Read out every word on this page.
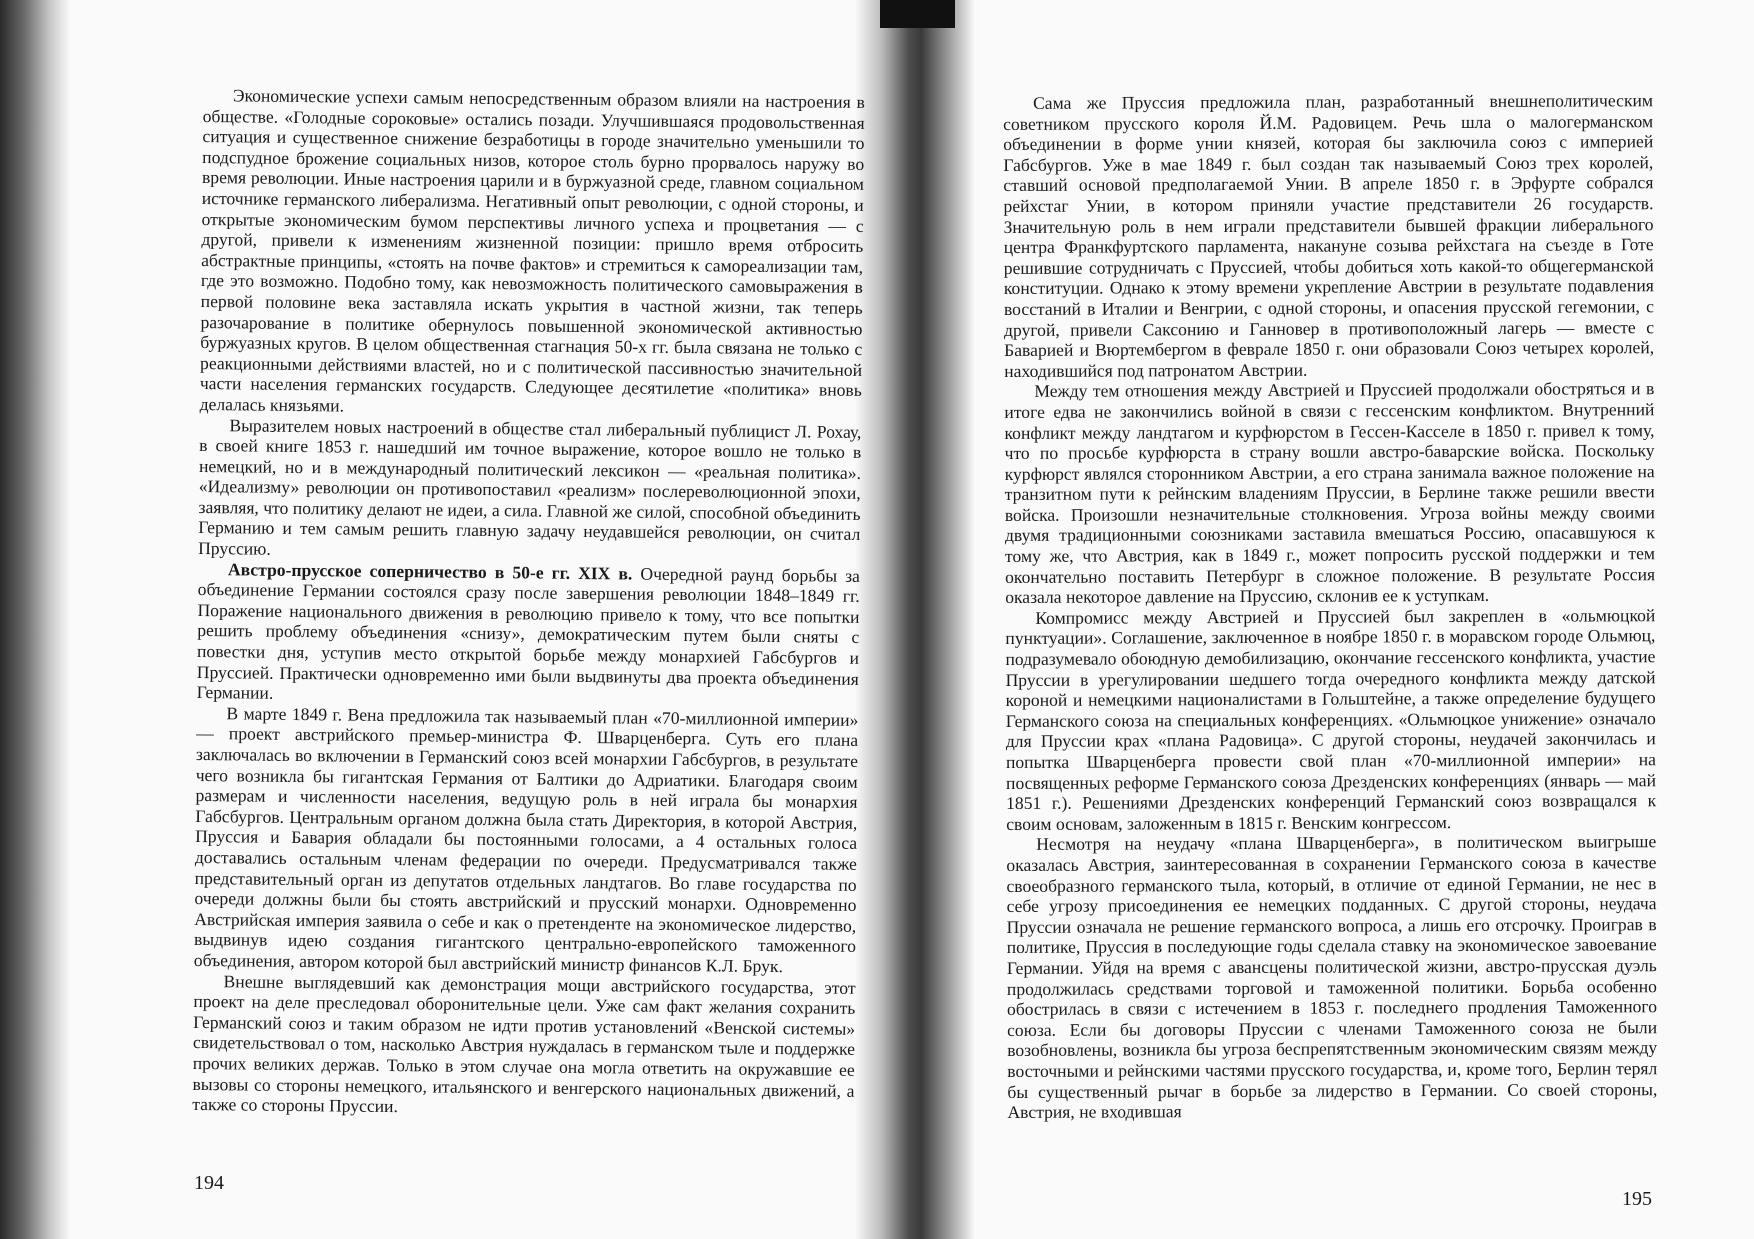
Экономические успехи самым непосредственным образом влияли на настроения в обществе. «Голодные сороковые» остались позади. Улучшившаяся продовольственная ситуация и существенное снижение безработицы в городе значительно уменьшили то подспудное брожение социальных низов, которое столь бурно прорвалось наружу во время революции. Иные настроения царили и в буржуазной среде, главном социальном источнике германского либерализма. Негативный опыт революции, с одной стороны, и открытые экономическим бумом перспективы личного успеха и процветания — с другой, привели к изменениям жизненной позиции: пришло время отбросить абстрактные принципы, «стоять на почве фактов» и стремиться к самореализации там, где это возможно. Подобно тому, как невозможность политического самовыражения в первой половине века заставляла искать укрытия в частной жизни, так теперь разочарование в политике обернулось повышенной экономической активностью буржуазных кругов. В целом общественная стагнация 50-х гг. была связана не только с реакционными действиями властей, но и с политической пассивностью значительной части населения германских государств. Следующее десятилетие «политика» вновь делалась князьями.

Выразителем новых настроений в обществе стал либеральный публицист Л. Рохау, в своей книге 1853 г. нашедший им точное выражение, которое вошло не только в немецкий, но и в международный политический лексикон — «реальная политика». «Идеализму» революции он противопоставил «реализм» послереволюционной эпохи, заявляя, что политику делают не идеи, а сила. Главной же силой, способной объединить Германию и тем самым решить главную задачу неудавшейся революции, он считал Пруссию.

Австро-прусское соперничество в 50-е гг. XIX в. Очередной раунд борьбы за объединение Германии состоялся сразу после завершения революции 1848–1849 гг. Поражение национального движения в революцию привело к тому, что все попытки решить проблему объединения «снизу», демократическим путем были сняты с повестки дня, уступив место открытой борьбе между монархией Габсбургов и Пруссией. Практически одновременно ими были выдвинуты два проекта объединения Германии.

В марте 1849 г. Вена предложила так называемый план «70-миллионной империи» — проект австрийского премьер-министра Ф. Шварценберга. Суть его плана заключалась во включении в Германский союз всей монархии Габсбургов, в результате чего возникла бы гигантская Германия от Балтики до Адриатики. Благодаря своим размерам и численности населения, ведущую роль в ней играла бы монархия Габсбургов. Центральным органом должна была стать Директория, в которой Австрия, Пруссия и Бавария обладали бы постоянными голосами, а 4 остальных голоса доставались остальным членам федерации по очереди. Предусматривался также представительный орган из депутатов отдельных ландтагов. Во главе государства по очереди должны были бы стоять австрийский и прусский монархи. Одновременно Австрийская империя заявила о себе и как о претенденте на экономическое лидерство, выдвинув идею создания гигантского центрально-европейского таможенного объединения, автором которой был австрийский министр финансов К.Л. Брук.

Внешне выглядевший как демонстрация мощи австрийского государства, этот проект на деле преследовал оборонительные цели. Уже сам факт желания сохранить Германский союз и таким образом не идти против установлений «Венской системы» свидетельствовал о том, насколько Австрия нуждалась в германском тыле и поддержке прочих великих держав. Только в этом случае она могла ответить на окружавшие ее вызовы со стороны немецкого, итальянского и венгерского национальных движений, а также со стороны Пруссии.

194

Сама же Пруссия предложила план, разработанный внешнеполитическим советником прусского короля Й.М. Радовицем. Речь шла о малогерманском объединении в форме унии князей, которая бы заключила союз с империей Габсбургов. Уже в мае 1849 г. был создан так называемый Союз трех королей, ставший основой предполагаемой Унии. В апреле 1850 г. в Эрфурте собрался рейхстаг Унии, в котором приняли участие представители 26 государств. Значительную роль в нем играли представители бывшей фракции либерального центра Франкфуртского парламента, накануне созыва рейхстага на съезде в Готе решившие сотрудничать с Пруссией, чтобы добиться хоть какой-то общегерманской конституции. Однако к этому времени укрепление Австрии в результате подавления восстаний в Италии и Венгрии, с одной стороны, и опасения прусской гегемонии, с другой, привели Саксонию и Ганновер в противоположный лагерь — вместе с Баварией и Вюртембергом в феврале 1850 г. они образовали Союз четырех королей, находившийся под патронатом Австрии.

Между тем отношения между Австрией и Пруссией продолжали обостряться и в итоге едва не закончились войной в связи с гессенским конфликтом. Внутренний конфликт между ландтагом и курфюрстом в Гессен-Касселе в 1850 г. привел к тому, что по просьбе курфюрста в страну вошли австро-баварские войска. Поскольку курфюрст являлся сторонником Австрии, а его страна занимала важное положение на транзитном пути к рейнским владениям Пруссии, в Берлине также решили ввести войска. Произошли незначительные столкновения. Угроза войны между своими двумя традиционными союзниками заставила вмешаться Россию, опасавшуюся к тому же, что Австрия, как в 1849 г., может попросить русской поддержки и тем окончательно поставить Петербург в сложное положение. В результате Россия оказала некоторое давление на Пруссию, склонив ее к уступкам.

Компромисс между Австрией и Пруссией был закреплен в «ольмюцкой пунктуации». Соглашение, заключенное в ноябре 1850 г. в моравском городе Ольмюц, подразумевало обоюдную демобилизацию, окончание гессенского конфликта, участие Пруссии в урегулировании шедшего тогда очередного конфликта между датской короной и немецкими националистами в Гольштейне, а также определение будущего Германского союза на специальных конференциях. «Ольмюцкое унижение» означало для Пруссии крах «плана Радовица». С другой стороны, неудачей закончилась и попытка Шварценберга провести свой план «70-миллионной империи» на посвященных реформе Германского союза Дрезденских конференциях (январь — май 1851 г.). Решениями Дрезденских конференций Германский союз возвращался к своим основам, заложенным в 1815 г. Венским конгрессом.

Несмотря на неудачу «плана Шварценберга», в политическом выигрыше оказалась Австрия, заинтересованная в сохранении Германского союза в качестве своеобразного германского тыла, который, в отличие от единой Германии, не нес в себе угрозу присоединения ее немецких подданных. С другой стороны, неудача Пруссии означала не решение германского вопроса, а лишь его отсрочку. Проиграв в политике, Пруссия в последующие годы сделала ставку на экономическое завоевание Германии. Уйдя на время с авансцены политической жизни, австро-прусская дуэль продолжилась средствами торговой и таможенной политики. Борьба особенно обострилась в связи с истечением в 1853 г. последнего продления Таможенного союза. Если бы договоры Пруссии с членами Таможенного союза не были возобновлены, возникла бы угроза беспрепятственным экономическим связям между восточными и рейнскими частями прусского государства, и, кроме того, Берлин терял бы существенный рычаг в борьбе за лидерство в Германии. Со своей стороны, Австрия, не входившая

195
